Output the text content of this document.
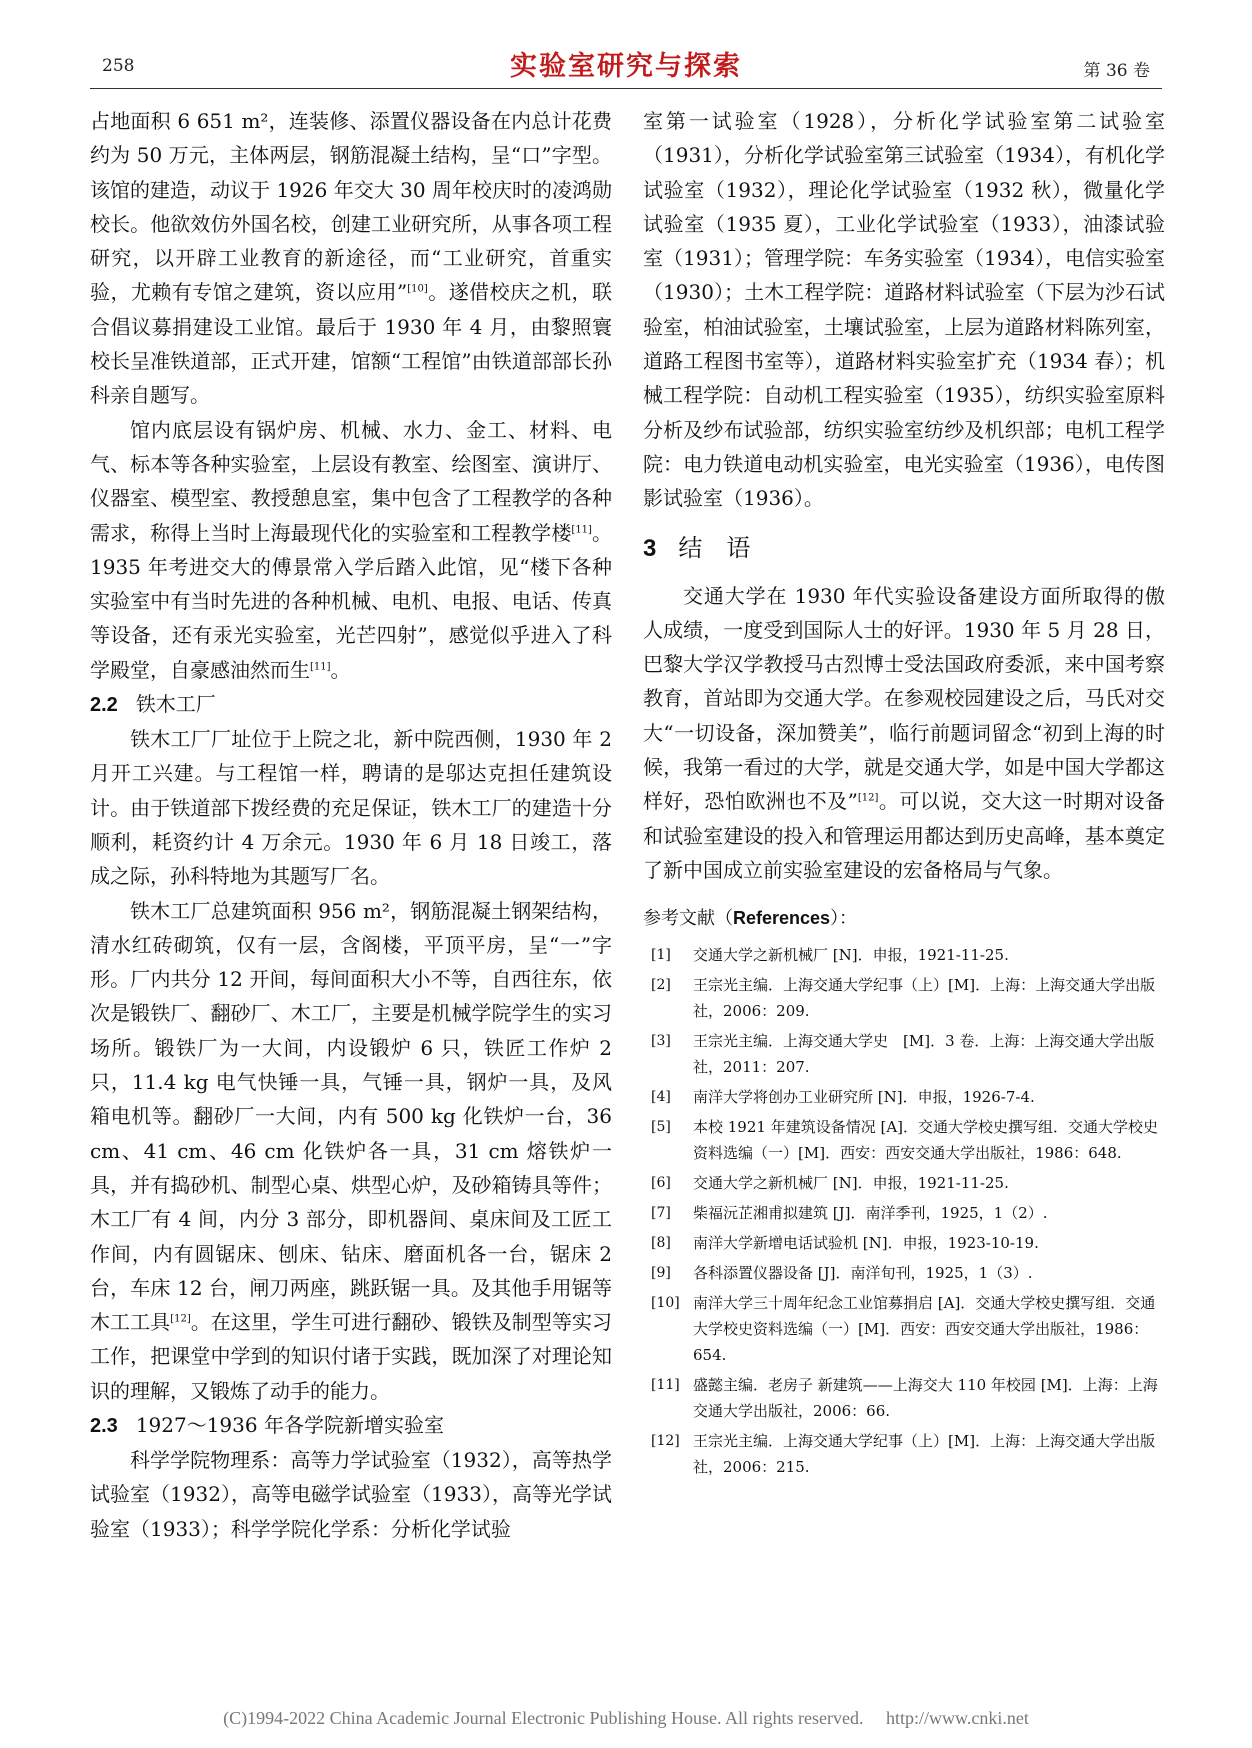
258	实验室研究与探索	第 36 卷

占地面积 6 651 m²，连装修、添置仪器设备在内总计花费约为 50 万元，主体两层，钢筋混凝土结构，呈“口”字型。该馆的建造，动议于 1926 年交大 30 周年校庆时的凌鸿勋校长。他欲效仿外国名校，创建工业研究所，从事各项工程研究，以开辟工业教育的新途径，而“工业研究，首重实验，尤赖有专馆之建筑，资以应用”[10]。遂借校庆之机，联合倡议募捐建设工业馆。最后于 1930 年 4 月，由黎照寰校长呈准铁道部，正式开建，馆额“工程馆”由铁道部部长孙科亲自题写。

馆内底层设有锅炉房、机械、水力、金工、材料、电气、标本等各种实验室，上层设有教室、绘图室、演讲厅、仪器室、模型室、教授憩息室，集中包含了工程教学的各种需求，称得上当时上海最现代化的实验室和工程教学楼[11]。1935 年考进交大的傅景常入学后踏入此馆，见“楼下各种实验室中有当时先进的各种机械、电机、电报、电话、传真等设备，还有汞光实验室，光芒四射”，感觉似乎进入了科学殿堂，自豪感油然而生[11]。

2.2 铁木工厂

铁木工厂厂址位于上院之北，新中院西侧，1930 年 2 月开工兴建。与工程馆一样，聘请的是邬达克担任建筑设计。由于铁道部下拨经费的充足保证，铁木工厂的建造十分顺利，耗资约计 4 万余元。1930 年 6 月 18 日竣工，落成之际，孙科特地为其题写厂名。

铁木工厂总建筑面积 956 m²，钢筋混凝土钢架结构，清水红砖砌筑，仅有一层，含阁楼，平顶平房，呈“一”字形。厂内共分 12 开间，每间面积大小不等，自西往东，依次是锻铁厂、翻砂厂、木工厂，主要是机械学院学生的实习场所。锻铁厂为一大间，内设锻炉 6 只，铁匠工作炉 2 只，11.4 kg 电气快锤一具，气锤一具，钢炉一具，及风箱电机等。翻砂厂一大间，内有 500 kg 化铁炉一台，36 cm、41 cm、46 cm 化铁炉各一具，31 cm 熔铁炉一具，并有捣砂机、制型心桌、烘型心炉，及砂箱铸具等件；木工厂有 4 间，内分 3 部分，即机器间、桌床间及工匠工作间，内有圆锯床、刨床、钻床、磨面机各一台，锯床 2 台，车床 12 台，闸刀两座，跳跃锯一具。及其他手用锯等木工工具[12]。在这里，学生可进行翻砂、锻铁及制型等实习工作，把课堂中学到的知识付诸于实践，既加深了对理论知识的理解，又锻炼了动手的能力。

2.3 1927～1936 年各学院新增实验室

科学学院物理系：高等力学试验室（1932），高等热学试验室（1932），高等电磁学试验室（1933），高等光学试验室（1933）；科学学院化学系：分析化学试验

室第一试验室（1928），分析化学试验室第二试验室（1931），分析化学试验室第三试验室（1934），有机化学试验室（1932），理论化学试验室（1932 秋），微量化学试验室（1935 夏），工业化学试验室（1933），油漆试验室（1931）；管理学院：车务实验室（1934），电信实验室（1930）；土木工程学院：道路材料试验室（下层为沙石试验室，柏油试验室，土壤试验室，上层为道路材料陈列室，道路工程图书室等），道路材料实验室扩充（1934 春）；机械工程学院：自动机工程实验室（1935），纺织实验室原料分析及纱布试验部，纺织实验室纺纱及机织部；电机工程学院：电力铁道电动机实验室，电光实验室（1936），电传图影试验室（1936）。

3 结　语

交通大学在 1930 年代实验设备建设方面所取得的傲人成绩，一度受到国际人士的好评。1930 年 5 月 28 日，巴黎大学汉学教授马古烈博士受法国政府委派，来中国考察教育，首站即为交通大学。在参观校园建设之后，马氏对交大“一切设备，深加赞美”，临行前题词留念“初到上海的时候，我第一看过的大学，就是交通大学，如是中国大学都这样好，恐怕欧洲也不及”[12]。可以说，交大这一时期对设备和试验室建设的投入和管理运用都达到历史高峰，基本奠定了新中国成立前实验室建设的宏备格局与气象。

参考文献（References）：
[1] 交通大学之新机械厂 [N]．申报，1921-11-25.
[2] 王宗光主编．上海交通大学纪事（上）[M]．上海：上海交通大学出版社，2006：209.
[3] 王宗光主编．上海交通大学史　[M]．3 卷．上海：上海交通大学出版社，2011：207.
[4] 南洋大学将创办工业研究所 [N]．申报，1926-7-4.
[5] 本校 1921 年建筑设备情况 [A]．交通大学校史撰写组．交通大学校史资料选编（一）[M]．西安：西安交通大学出版社，1986：648.
[6] 交通大学之新机械厂 [N]．申报，1921-11-25.
[7] 柴福沅芷湘甫拟建筑 [J]．南洋季刊，1925，1（2）.
[8] 南洋大学新增电话试验机 [N]．申报，1923-10-19.
[9] 各科添置仪器设备 [J]．南洋旬刊，1925，1（3）.
[10] 南洋大学三十周年纪念工业馆募捐启 [A]．交通大学校史撰写组．交通大学校史资料选编（一）[M]．西安：西安交通大学出版社，1986：654.
[11] 盛懿主编．老房子 新建筑——上海交大 110 年校园 [M]．上海：上海交通大学出版社，2006：66.
[12] 王宗光主编．上海交通大学纪事（上）[M]．上海：上海交通大学出版社，2006：215.
(C)1994-2022 China Academic Journal Electronic Publishing House. All rights reserved.　 http://www.cnki.net
